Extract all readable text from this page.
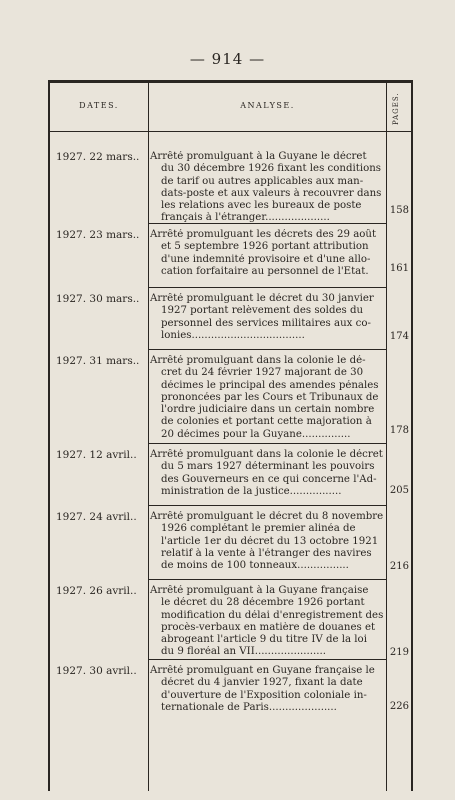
— 914 —
DATES.	ANALYSE.	PAGES.
1927. 22 mars..	Arrêté promulguant à la Guyane le décret
du 30 décembre 1926 fixant les conditions
de tarif ou autres applicables aux man-
dats-poste et aux valeurs à recouvrer dans
les relations avec les bureaux de poste
français à l'étranger....................
158
1927. 23 mars..	Arrêté promulguant les décrets des 29 août
et 5 septembre 1926 portant attribution
d'une indemnité provisoire et d'une allo-
cation forfaitaire au personnel de l'État.	161
1927. 30 mars..	Arrêté promulguant le décret du 30 janvier
1927 portant relèvement des soldes du
personnel des services militaires aux co-
lonies...................................	174
1927. 31 mars..	Arrêté promulguant dans la colonie le dé-
cret du 24 février 1927 majorant de 30
décimes le principal des amendes pénales
prononcées par les Cours et Tribunaux de
l'ordre judiciaire dans un certain nombre
de colonies et portant cette majoration à
20 décimes pour la Guyane...............	178
1927. 12 avril..	Arrêté promulguant dans la colonie le décret
du 5 mars 1927 déterminant les pouvoirs
des Gouverneurs en ce qui concerne l'Ad-
ministration de la justice................	205
1927. 24 avril..	Arrêté promulguant le décret du 8 novembre
1926 complétant le premier alinéa de
l'article 1er du décret du 13 octobre 1921
relatif à la vente à l'étranger des navires
de moins de 100 tonneaux................	216
1927. 26 avril..	Arrêté promulguant à la Guyane française
le décret du 28 décembre 1926 portant
modification du délai d'enregistrement des
procès-verbaux en matière de douanes et
abrogeant l'article 9 du titre IV de la loi
du 9 floréal an VII......................	219
1927. 30 avril..	Arrêté promulguant en Guyane française le
décret du 4 janvier 1927, fixant la date
d'ouverture de l'Exposition coloniale in-
ternationale de Paris.....................	226
